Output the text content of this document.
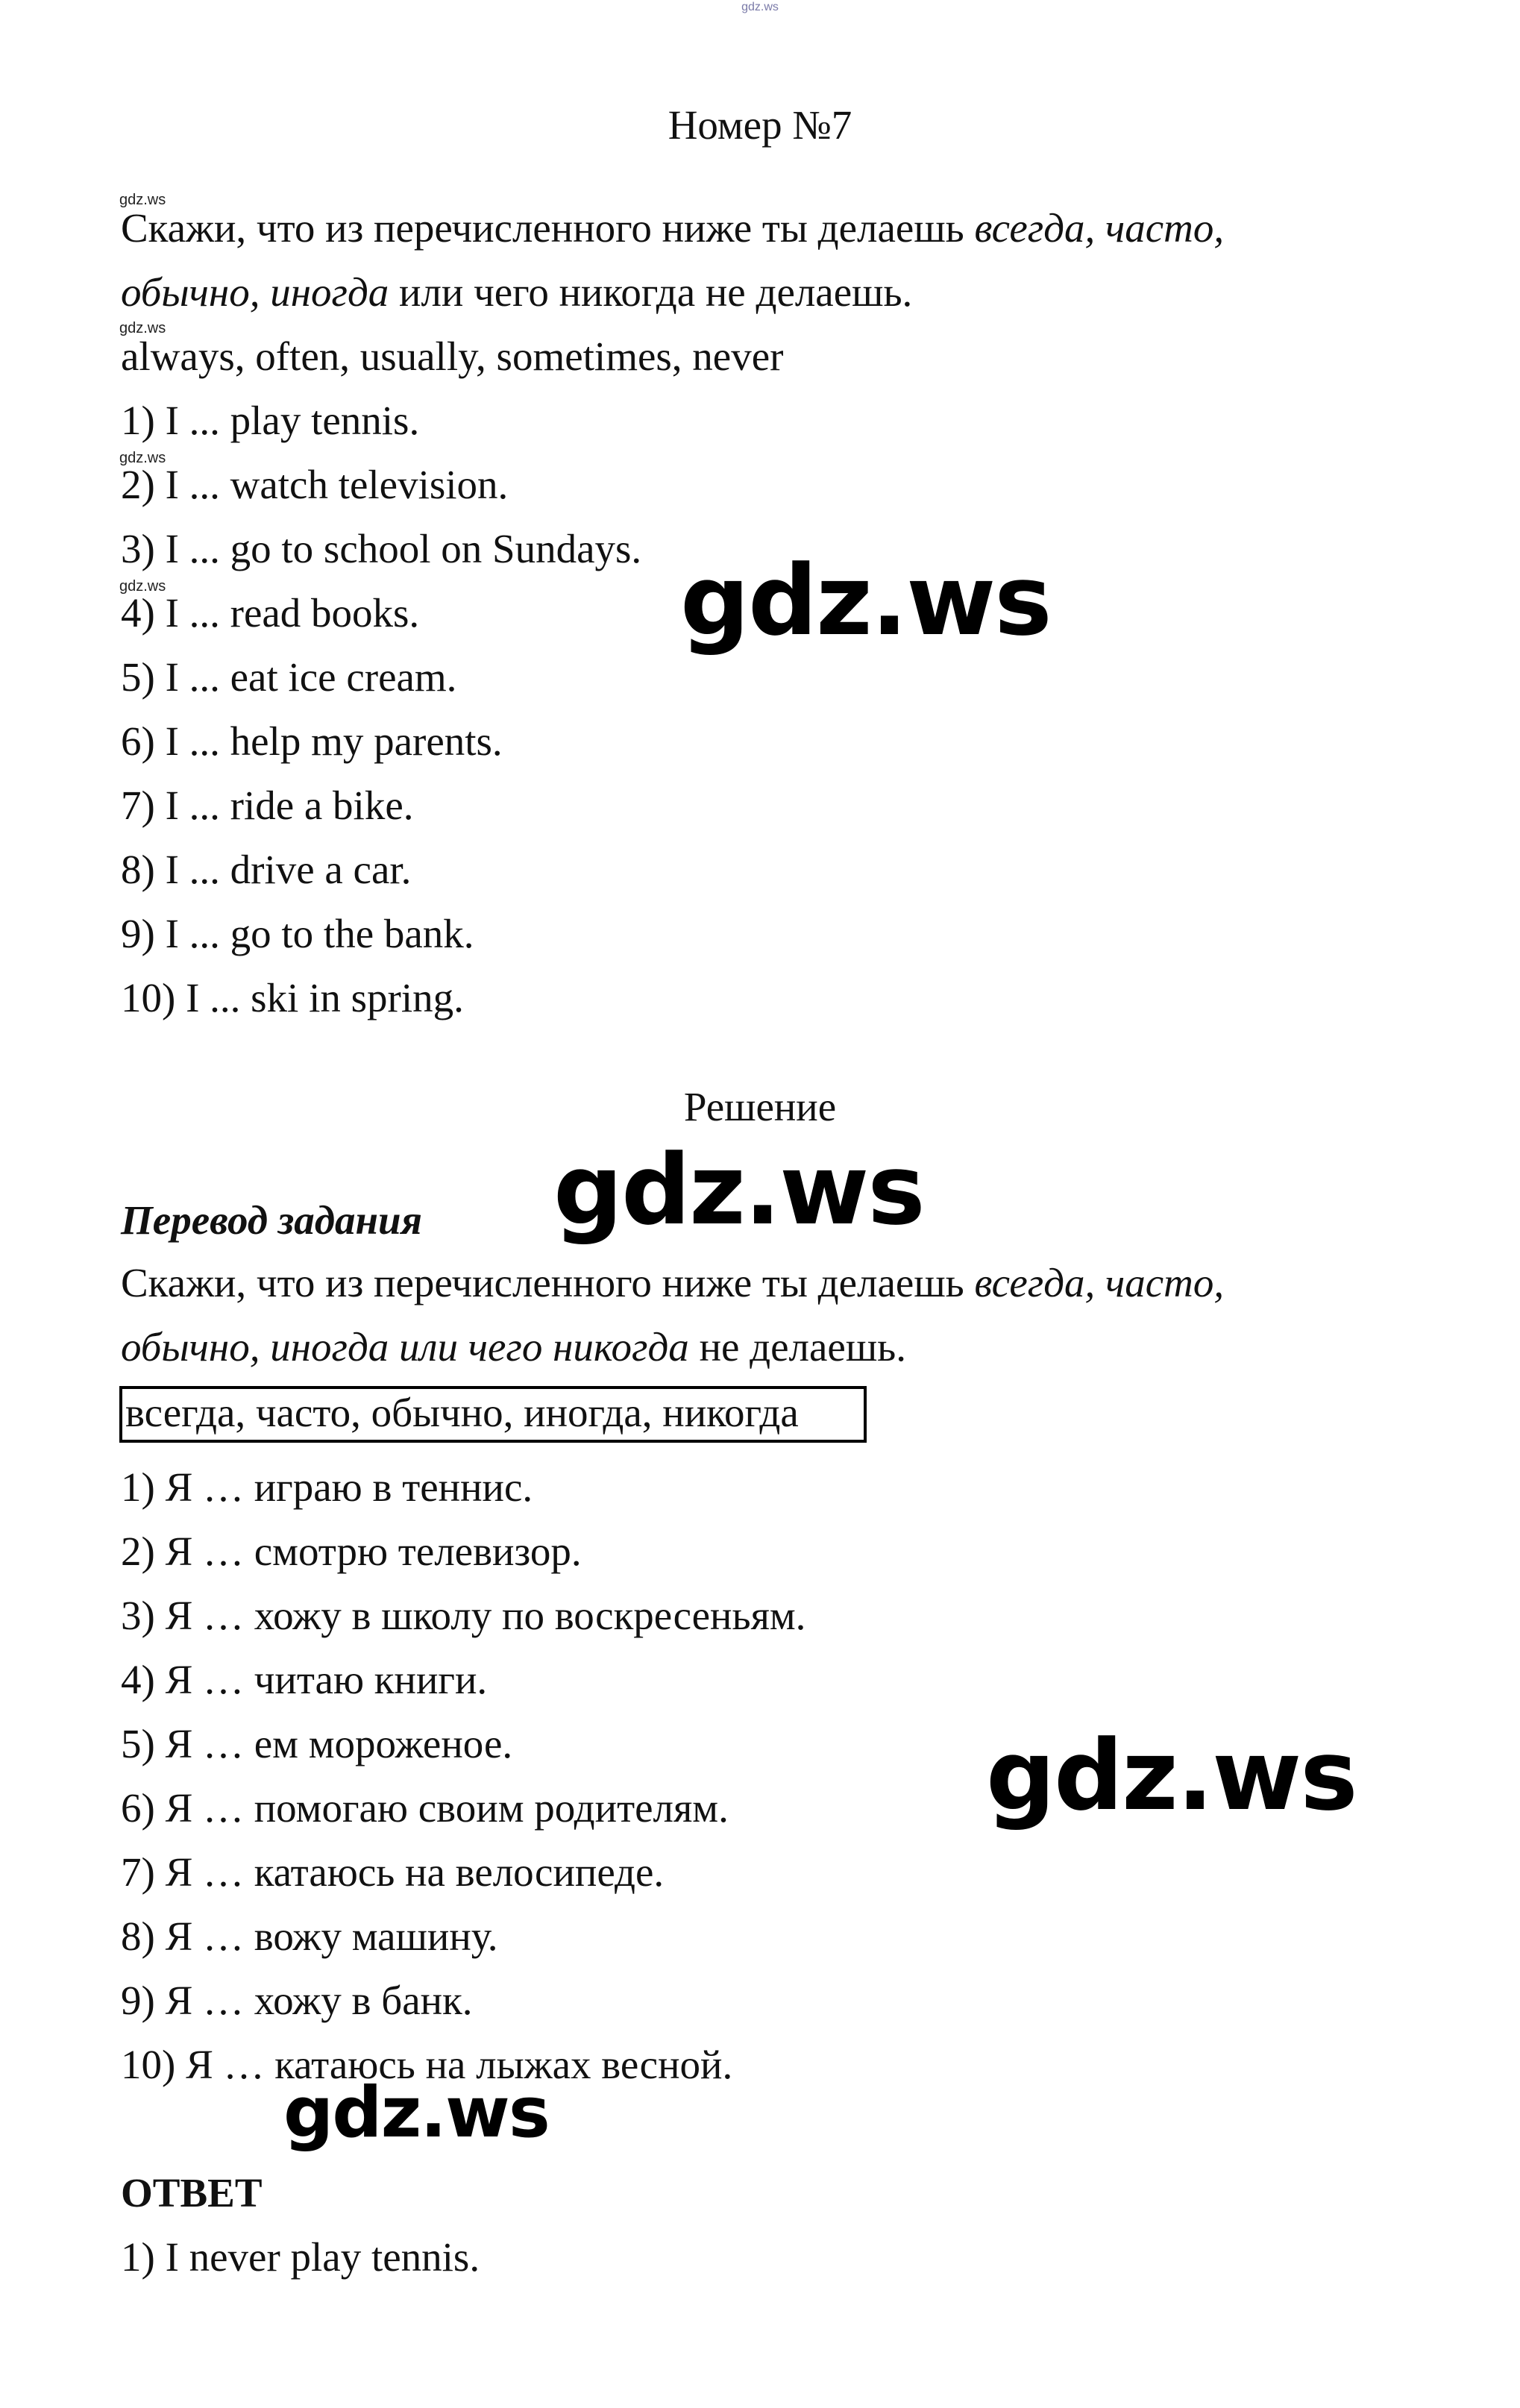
gdz.ws
Номер №7
gdz.ws
gdz.ws
gdz.ws
gdz.ws
Скажи, что из перечисленного ниже ты делаешь всегда, часто,
обычно, иногда или чего никогда не делаешь.
always, often, usually, sometimes, never
1) I ... play tennis.
2) I ... watch television.
3) I ... go to school on Sundays.
4) I ... read books.
5) I ... eat ice cream.
6) I ... help my parents.
7) I ... ride a bike.
8) I ... drive a car.
9) I ... go to the bank.
10) I ... ski in spring.
gdz.ws
Решение
gdz.ws
Перевод задания
Скажи, что из перечисленного ниже ты делаешь всегда, часто,
обычно, иногда или чего никогда не делаешь.
всегда, часто, обычно, иногда, никогда
1) Я … играю в теннис.
2) Я … смотрю телевизор.
3) Я … хожу в школу по воскресеньям.
4) Я … читаю книги.
5) Я … ем мороженое.
6) Я … помогаю своим родителям.
7) Я … катаюсь на велосипеде.
8) Я … вожу машину.
9) Я … хожу в банк.
10) Я … катаюсь на лыжах весной.
gdz.ws
gdz.ws
ОТВЕТ
1) I never play tennis.
